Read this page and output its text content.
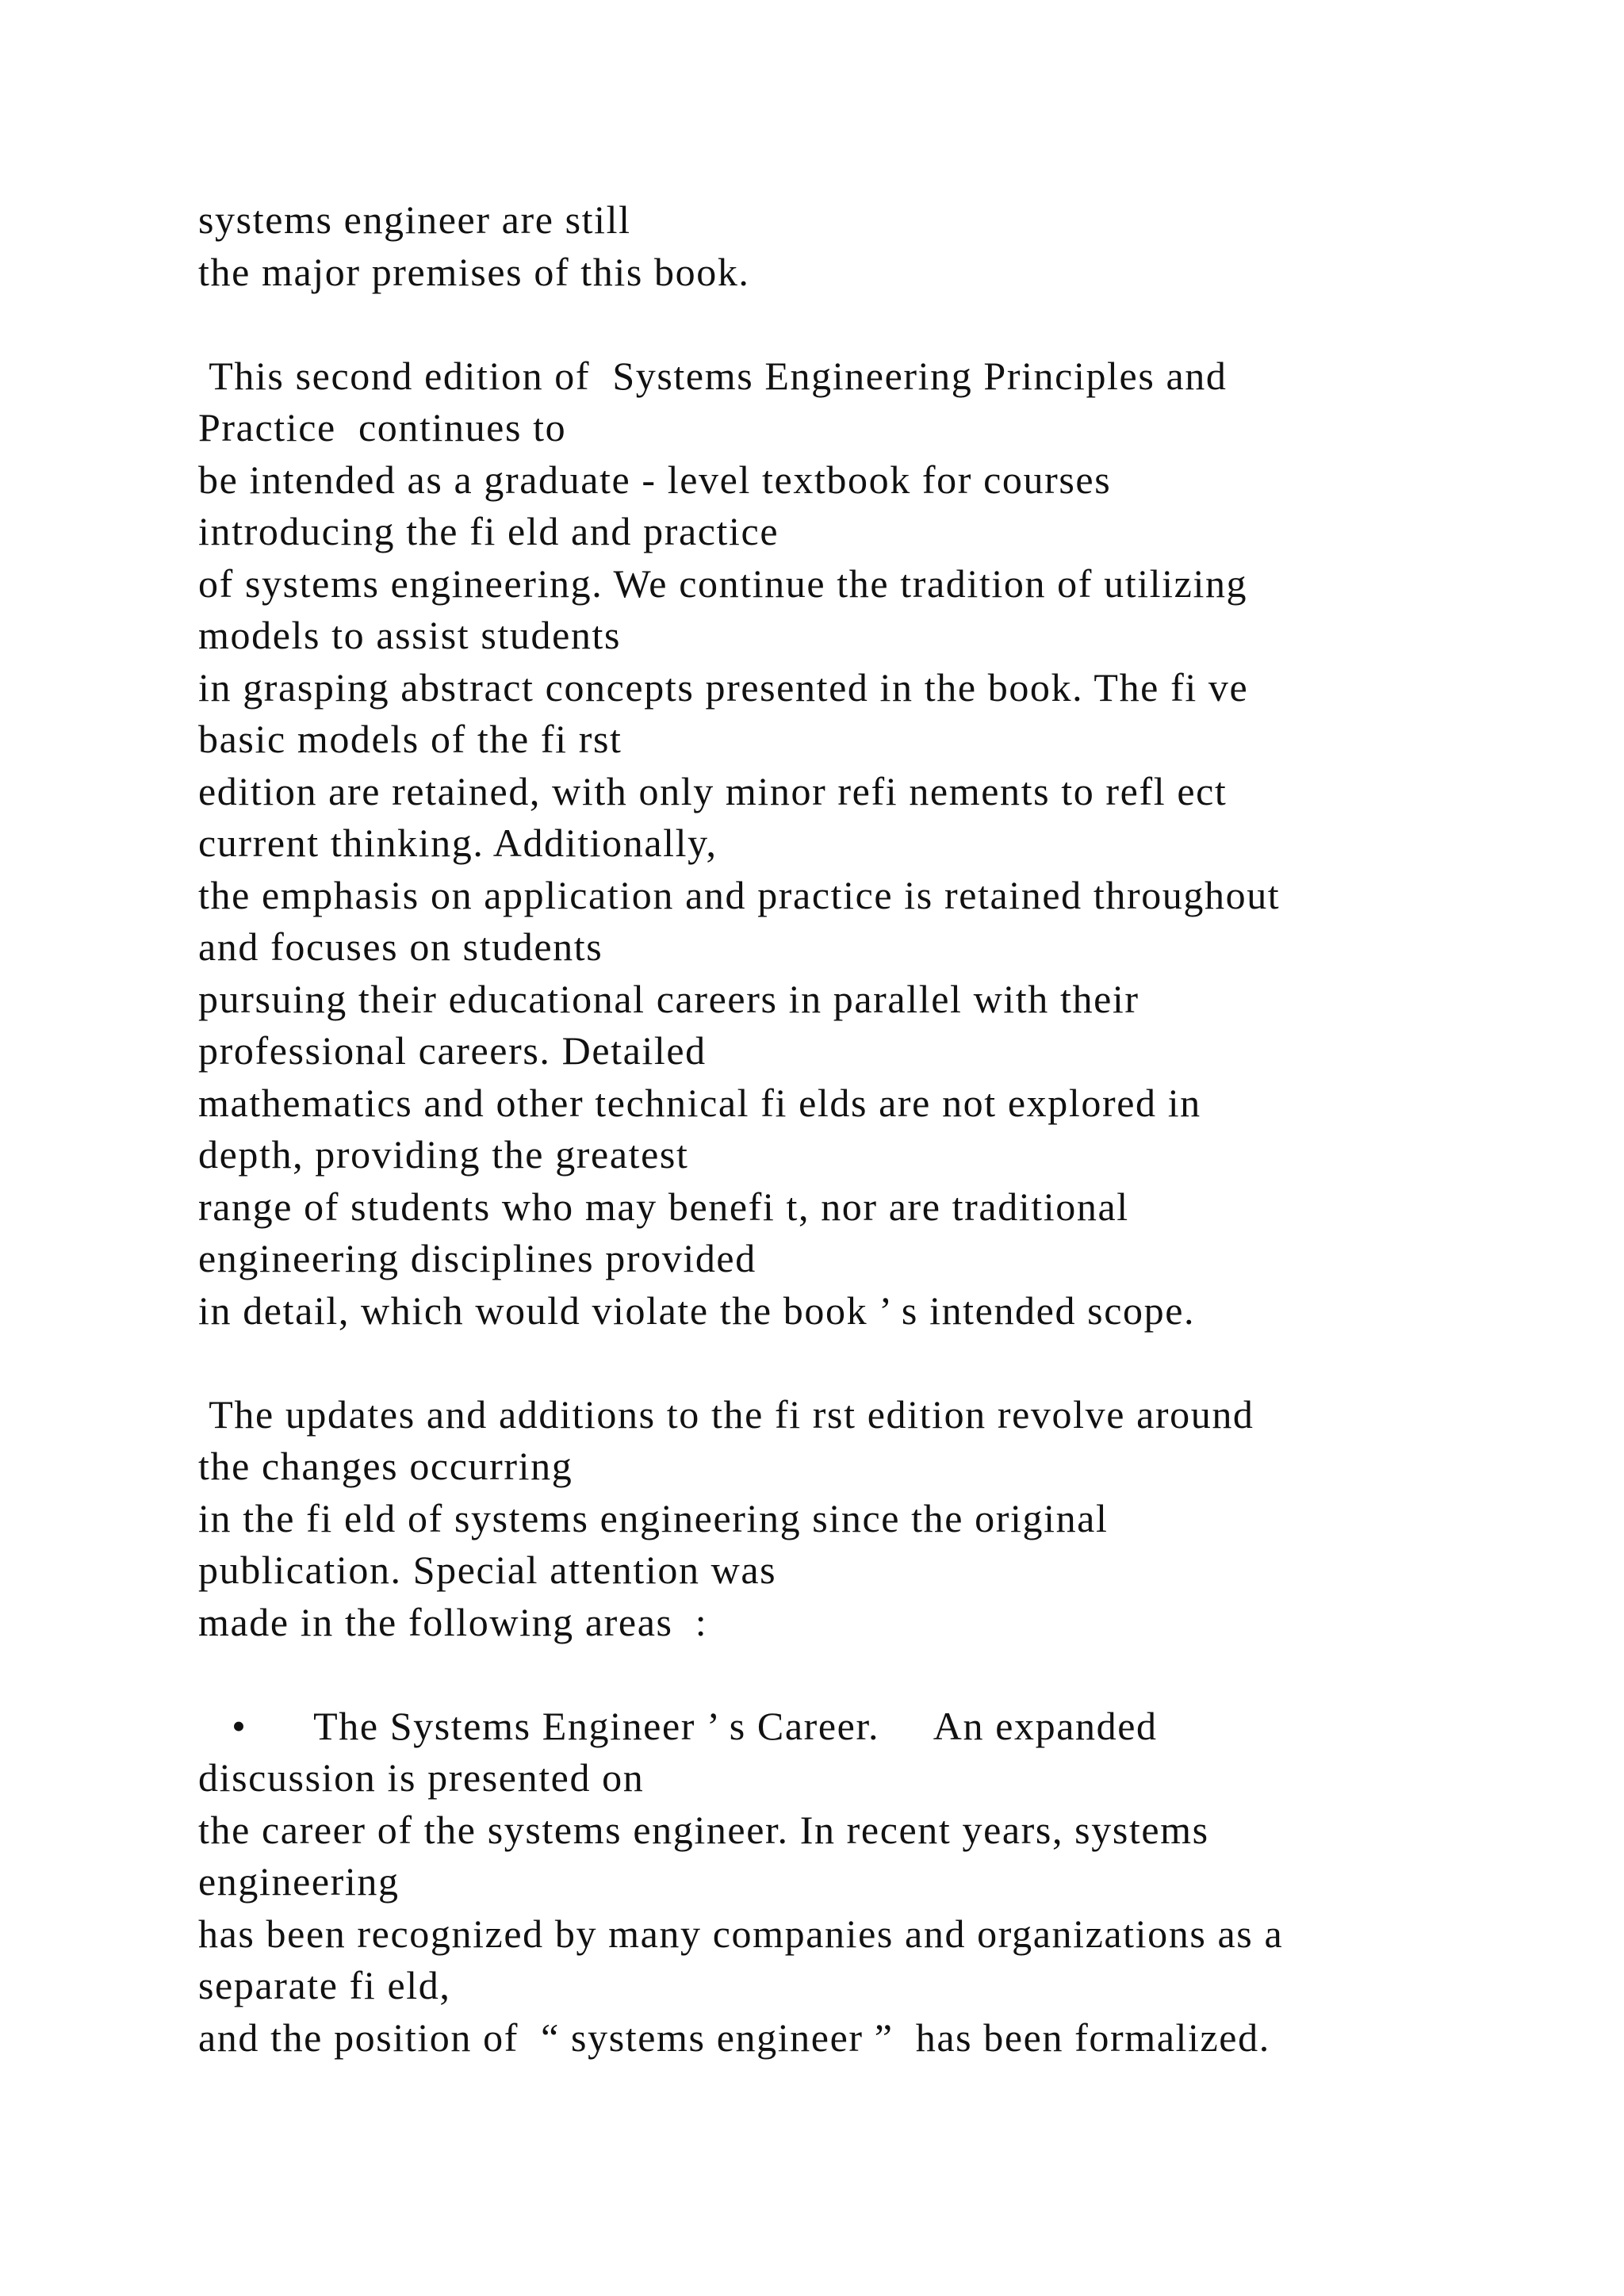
systems engineer are still
the major premises of this book.
This second edition of  Systems Engineering Principles and
Practice  continues to
be intended as a graduate - level textbook for courses
introducing the fi eld and practice
of systems engineering. We continue the tradition of utilizing
models to assist students
in grasping abstract concepts presented in the book. The fi ve
basic models of the fi rst
edition are retained, with only minor refi nements to refl ect
current thinking. Additionally,
the emphasis on application and practice is retained throughout
and focuses on students
pursuing their educational careers in parallel with their
professional careers. Detailed
mathematics and other technical fi elds are not explored in
depth, providing the greatest
range of students who may benefi t, nor are traditional
engineering disciplines provided
in detail, which would violate the book ’ s intended scope.
The updates and additions to the fi rst edition revolve around
the changes occurring
in the fi eld of systems engineering since the original
publication. Special attention was
made in the following areas  :
•      The Systems Engineer ’ s Career.     An expanded
discussion is presented on
the career of the systems engineer. In recent years, systems
engineering
has been recognized by many companies and organizations as a
separate fi eld,
and the position of  “ systems engineer ”  has been formalized.
